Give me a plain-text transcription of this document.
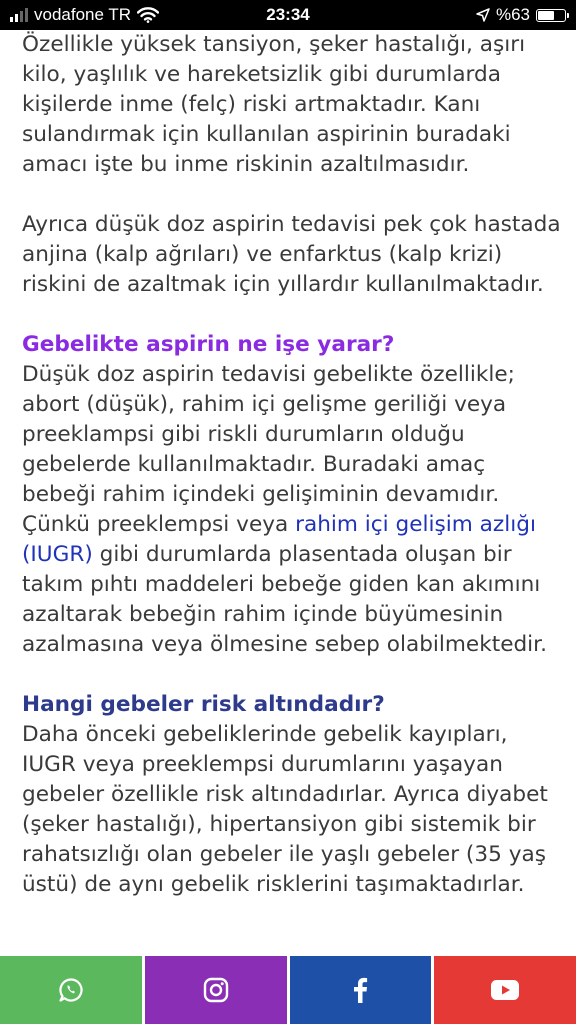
vodafone TR	23:34	%63

Özellikle yüksek tansiyon, şeker hastalığı, aşırı kilo, yaşlılık ve hareketsizlik gibi durumlarda kişilerde inme (felç) riski artmaktadır. Kanı sulandırmak için kullanılan aspirinin buradaki amacı işte bu inme riskinin azaltılmasıdır.

Ayrıca düşük doz aspirin tedavisi pek çok hastada anjina (kalp ağrıları) ve enfarktus (kalp krizi) riskini de azaltmak için yıllardır kullanılmaktadır.

Gebelikte aspirin ne işe yarar?

Düşük doz aspirin tedavisi gebelikte özellikle; abort (düşük), rahim içi gelişme geriliği veya preeklampsi gibi riskli durumların olduğu gebelerde kullanılmaktadır. Buradaki amaç bebeği rahim içindeki gelişiminin devamıdır. Çünkü preeklempsi veya rahim içi gelişim azlığı (IUGR) gibi durumlarda plasentada oluşan bir takım pıhtı maddeleri bebeğe giden kan akımını azaltarak bebeğin rahim içinde büyümesinin azalmasına veya ölmesine sebep olabilmektedir.

Hangi gebeler risk altındadır?

Daha önceki gebeliklerinde gebelik kayıpları, IUGR veya preeklempsi durumlarını yaşayan gebeler özellikle risk altındadırlar. Ayrıca diyabet (şeker hastalığı), hipertansiyon gibi sistemik bir rahatsızlığı olan gebeler ile yaşlı gebeler (35 yaş üstü) de aynı gebelik risklerini taşımaktadırlar.
